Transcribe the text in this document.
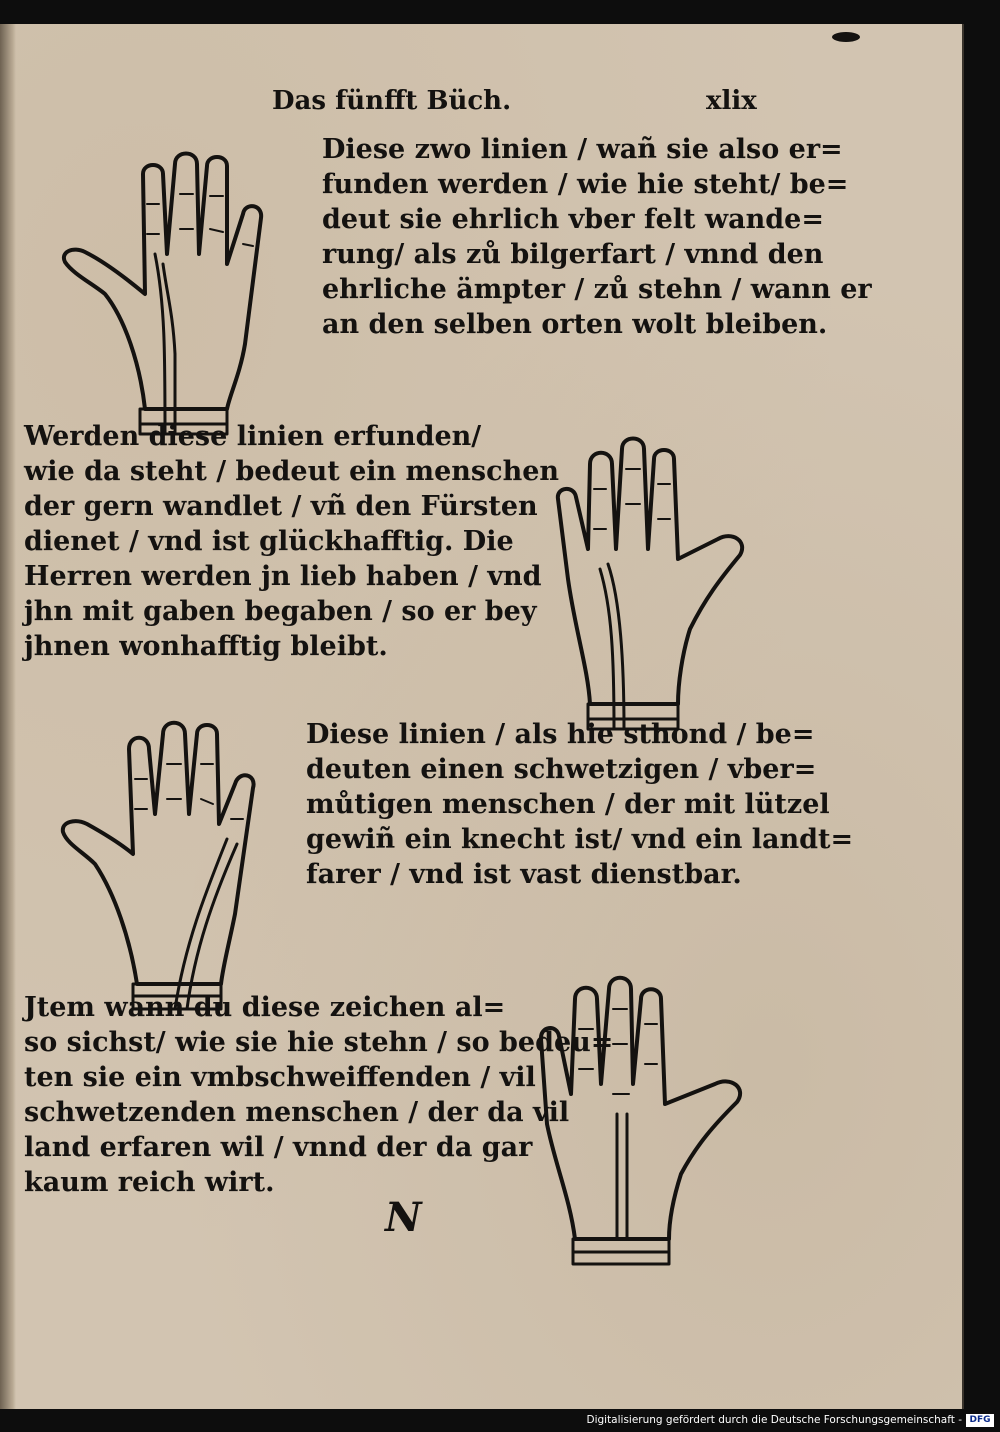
Das fünfft Büch.	xlix
Diese zwo linien / wañ sie also er=
funden werden / wie hie steht/ be=
deut sie ehrlich vber felt wande=
rung/ als zů bilgerfart / vnnd den
ehrliche ämpter / zů stehn / wann er
an den selben orten wolt bleiben.
Werden diese linien erfunden/
wie da steht / bedeut ein menschen
der gern wandlet / vñ den Fürsten
dienet / vnd ist glückhafftig. Die
Herren werden jn lieb haben / vnd
jhn mit gaben begaben / so er bey
jhnen wonhafftig bleibt.
Diese linien / als hie sthond / be=
deuten einen schwetzigen / vber=
můtigen menschen / der mit lützel
gewiñ ein knecht ist/ vnd ein landt=
farer / vnd ist vast dienstbar.
Jtem wann du diese zeichen al=
so sichst/ wie sie hie stehn / so bedeu=
ten sie ein vmbschweiffenden / vil
schwetzenden menschen / der da vil
land erfaren wil / vnnd der da gar
kaum reich wirt.
N
Digitalisierung gefördert durch die Deutsche Forschungsgemeinschaft - DFG
